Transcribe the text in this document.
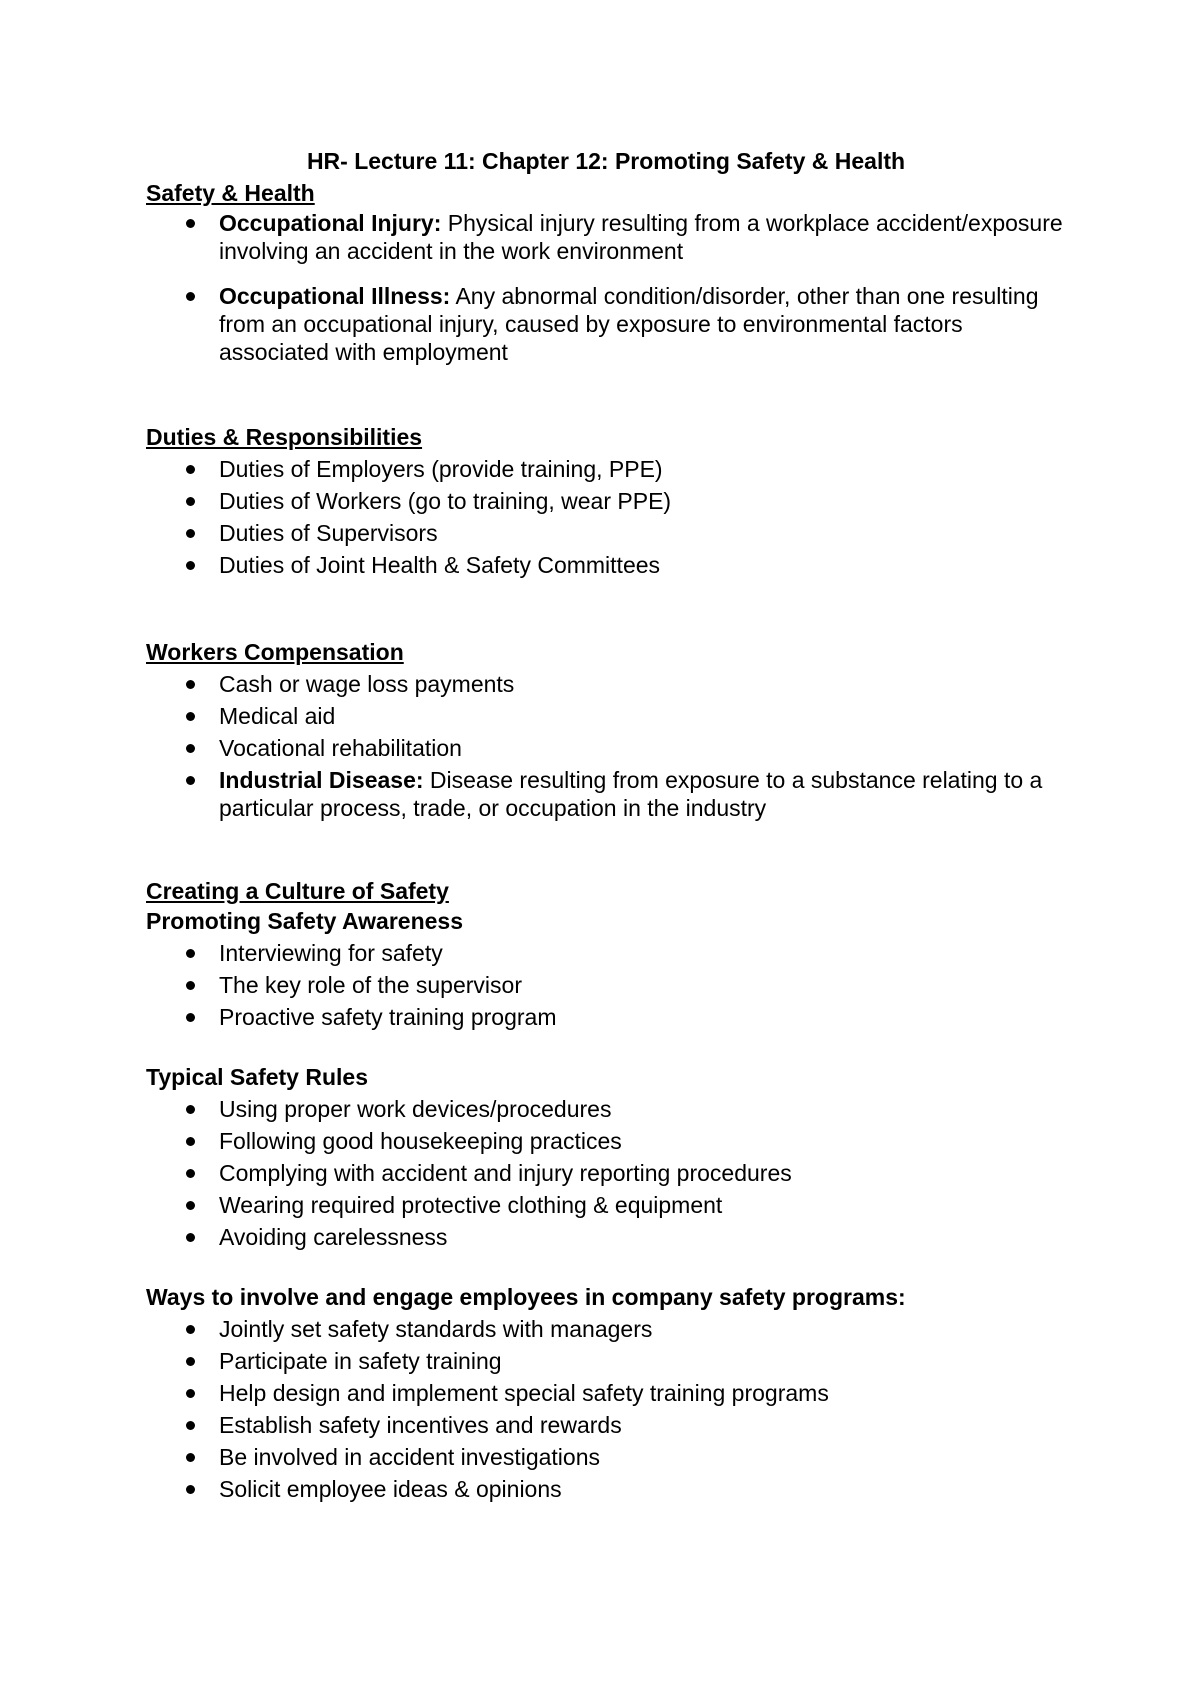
HR- Lecture 11: Chapter 12: Promoting Safety & Health

Safety & Health

Occupational Injury: Physical injury resulting from a workplace accident/exposure involving an accident in the work environment
Occupational Illness: Any abnormal condition/disorder, other than one resulting from an occupational injury, caused by exposure to environmental factors associated with employment

Duties & Responsibilities

Duties of Employers (provide training, PPE)
Duties of Workers (go to training, wear PPE)
Duties of Supervisors
Duties of Joint Health & Safety Committees

Workers Compensation

Cash or wage loss payments
Medical aid
Vocational rehabilitation
Industrial Disease: Disease resulting from exposure to a substance relating to a particular process, trade, or occupation in the industry

Creating a Culture of Safety

Promoting Safety Awareness

Interviewing for safety
The key role of the supervisor
Proactive safety training program

Typical Safety Rules

Using proper work devices/procedures
Following good housekeeping practices
Complying with accident and injury reporting procedures
Wearing required protective clothing & equipment
Avoiding carelessness

Ways to involve and engage employees in company safety programs:

Jointly set safety standards with managers
Participate in safety training
Help design and implement special safety training programs
Establish safety incentives and rewards
Be involved in accident investigations
Solicit employee ideas & opinions
